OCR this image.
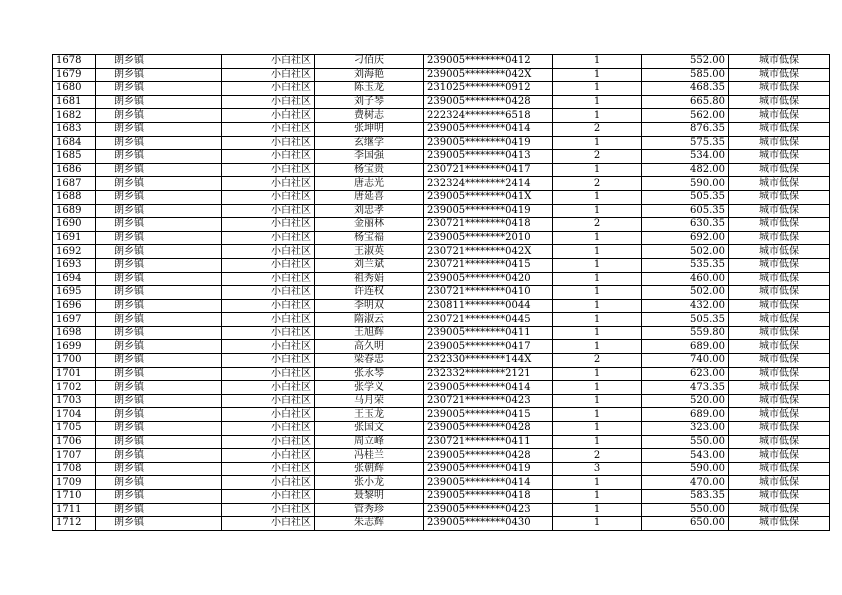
1678	朗乡镇	小白社区	刁佰庆	239005********0412	1	552.00	城市低保
1679	朗乡镇	小白社区	刘海艳	239005********042X	1	585.00	城市低保
1680	朗乡镇	小白社区	陈玉龙	231025********0912	1	468.35	城市低保
1681	朗乡镇	小白社区	刘子琴	239005********0428	1	665.80	城市低保
1682	朗乡镇	小白社区	费树志	222324********6518	1	562.00	城市低保
1683	朗乡镇	小白社区	张坤明	239005********0414	2	876.35	城市低保
1684	朗乡镇	小白社区	玄继学	239005********0419	1	575.35	城市低保
1685	朗乡镇	小白社区	李国强	239005********0413	2	534.00	城市低保
1686	朗乡镇	小白社区	杨宝贵	230721********0417	1	482.00	城市低保
1687	朗乡镇	小白社区	唐志光	232324********2414	2	590.00	城市低保
1688	朗乡镇	小白社区	唐延喜	239005********041X	1	505.35	城市低保
1689	朗乡镇	小白社区	刘忠孝	239005********0419	1	605.35	城市低保
1690	朗乡镇	小白社区	金丽林	230721********0418	2	630.35	城市低保
1691	朗乡镇	小白社区	杨宝福	239005********2010	1	692.00	城市低保
1692	朗乡镇	小白社区	王淑英	230721********042X	1	502.00	城市低保
1693	朗乡镇	小白社区	刘兰斌	230721********0415	1	535.35	城市低保
1694	朗乡镇	小白社区	祖秀娟	239005********0420	1	460.00	城市低保
1695	朗乡镇	小白社区	许连权	230721********0410	1	502.00	城市低保
1696	朗乡镇	小白社区	李明双	230811********0044	1	432.00	城市低保
1697	朗乡镇	小白社区	隋淑云	230721********0445	1	505.35	城市低保
1698	朗乡镇	小白社区	王旭辉	239005********0411	1	559.80	城市低保
1699	朗乡镇	小白社区	高久明	239005********0417	1	689.00	城市低保
1700	朗乡镇	小白社区	梁春忠	232330********144X	2	740.00	城市低保
1701	朗乡镇	小白社区	张永琴	232332********2121	1	623.00	城市低保
1702	朗乡镇	小白社区	张学义	239005********0414	1	473.35	城市低保
1703	朗乡镇	小白社区	马月荣	230721********0423	1	520.00	城市低保
1704	朗乡镇	小白社区	王玉龙	239005********0415	1	689.00	城市低保
1705	朗乡镇	小白社区	张国文	239005********0428	1	323.00	城市低保
1706	朗乡镇	小白社区	周立峰	230721********0411	1	550.00	城市低保
1707	朗乡镇	小白社区	冯桂兰	239005********0428	2	543.00	城市低保
1708	朗乡镇	小白社区	张朝辉	239005********0419	3	590.00	城市低保
1709	朗乡镇	小白社区	张小龙	239005********0414	1	470.00	城市低保
1710	朗乡镇	小白社区	聂黎明	239005********0418	1	583.35	城市低保
1711	朗乡镇	小白社区	管秀珍	239005********0423	1	550.00	城市低保
1712	朗乡镇	小白社区	朱志辉	239005********0430	1	650.00	城市低保
